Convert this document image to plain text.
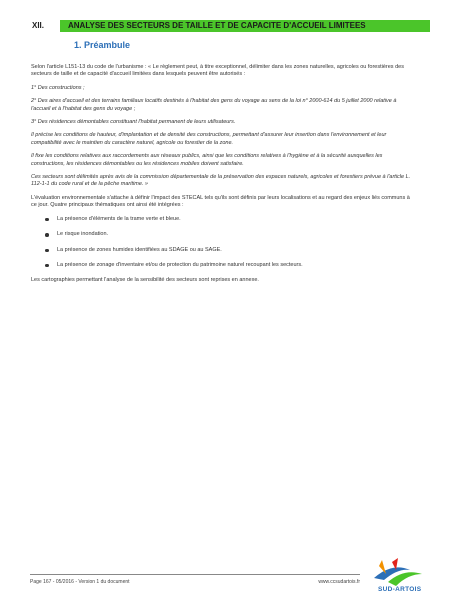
XII.	ANALYSE DES SECTEURS DE TAILLE ET DE CAPACITE D'ACCUEIL LIMITEES
1. Préambule

Selon l'article L151-13 du code de l'urbanisme : « Le règlement peut, à titre exceptionnel, délimiter dans les zones naturelles, agricoles ou forestières des secteurs de taille et de capacité d'accueil limitées dans lesquels peuvent être autorisés :

1° Des constructions ;

2° Des aires d'accueil et des terrains familiaux locatifs destinés à l'habitat des gens du voyage au sens de la loi n° 2000-614 du 5 juillet 2000 relative à l'accueil et à l'habitat des gens du voyage ;

3° Des résidences démontables constituant l'habitat permanent de leurs utilisateurs.

Il précise les conditions de hauteur, d'implantation et de densité des constructions, permettant d'assurer leur insertion dans l'environnement et leur compatibilité avec le maintien du caractère naturel, agricole ou forestier de la zone.

Il fixe les conditions relatives aux raccordements aux réseaux publics, ainsi que les conditions relatives à l'hygiène et à la sécurité auxquelles les constructions, les résidences démontables ou les résidences mobiles doivent satisfaire.

Ces secteurs sont délimités après avis de la commission départementale de la préservation des espaces naturels, agricoles et forestiers prévue à l'article L. 112-1-1 du code rural et de la pêche maritime. »

L'évaluation environnementale s'attache à définir l'impact des STECAL tels qu'ils sont définis par leurs localisations et au regard des enjeux liés communs à ce jour. Quatre principaux thématiques ont ainsi été intégrées :

La présence d'éléments de la trame verte et bleue.
Le risque inondation.
La présence de zones humides identifiées au SDAGE ou au SAGE.
La présence de zonage d'inventaire et/ou de protection du patrimoine naturel recoupant les secteurs.

Les cartographies permettant l'analyse de la sensibilité des secteurs sont reprises en annexe.

Page 167 - 05/2016 - Version 1 du document	www.ccsudartois.fr
SUD-ARTOIS
